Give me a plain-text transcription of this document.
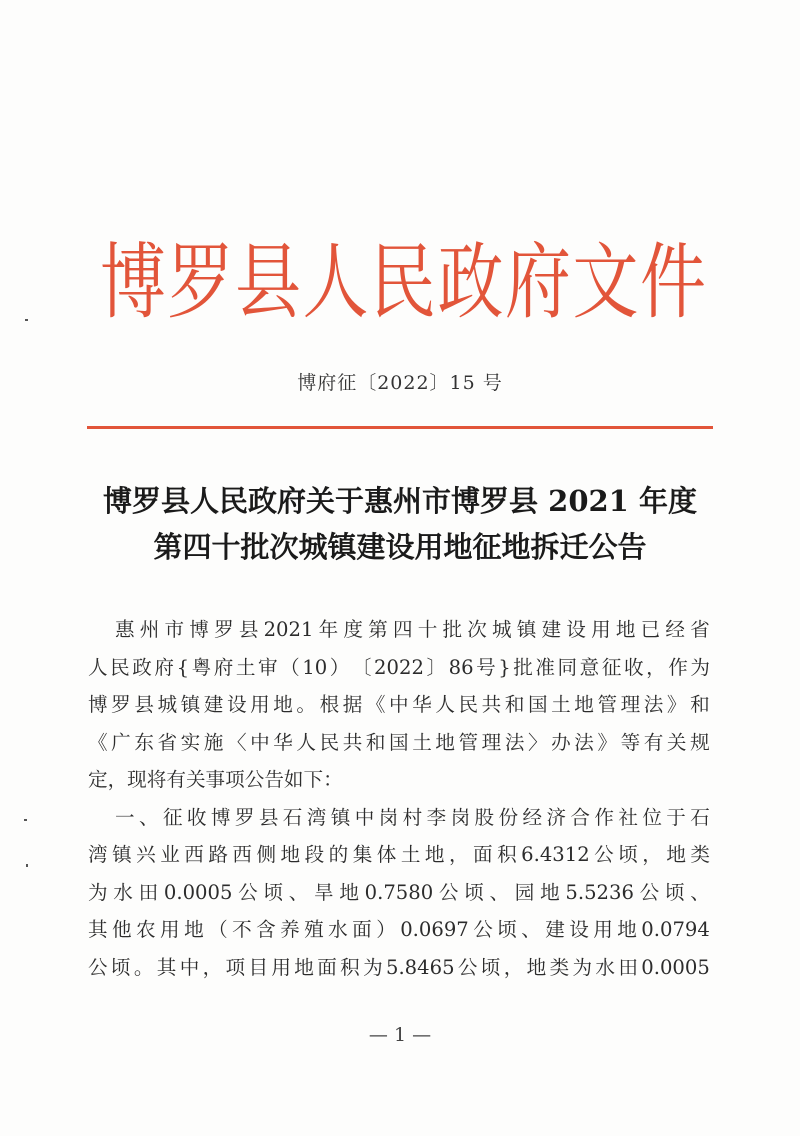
博 罗 县 人 民 政 府 文 件
博府征〔2022〕15 号
博罗县人民政府关于惠州市博罗县 2021 年度
第四十批次城镇建设用地征地拆迁公告
惠 州 市 博 罗 县 2021 年 度 第 四 十 批 次 城 镇 建 设 用 地 已 经 省
人 民 政 府 { 粤 府 土 审 （ 10 ） 〔 2022 〕 86 号 } 批 准 同 意 征 收 ， 作 为
博 罗 县 城 镇 建 设 用 地 。 根 据 《 中 华 人 民 共 和 国 土 地 管 理 法 》 和
《 广 东 省 实 施 〈 中 华 人 民 共 和 国 土 地 管 理 法 〉 办 法 》 等 有 关 规
定，现将有关事项公告如下：
一 、 征 收 博 罗 县 石 湾 镇 中 岗 村 李 岗 股 份 经 济 合 作 社 位 于 石
湾 镇 兴 业 西 路 西 侧 地 段 的 集 体 土 地 ， 面 积 6.4312 公 顷 ， 地 类
为 水 田 0.0005 公 顷 、 旱 地 0.7580 公 顷 、 园 地 5.5236 公 顷 、
其 他 农 用 地 （ 不 含 养 殖 水 面 ） 0.0697 公 顷 、 建 设 用 地 0.0794
公 顷 。 其 中 ， 项 目 用 地 面 积 为 5.8465 公 顷 ， 地 类 为 水 田 0.0005
— 1 —
